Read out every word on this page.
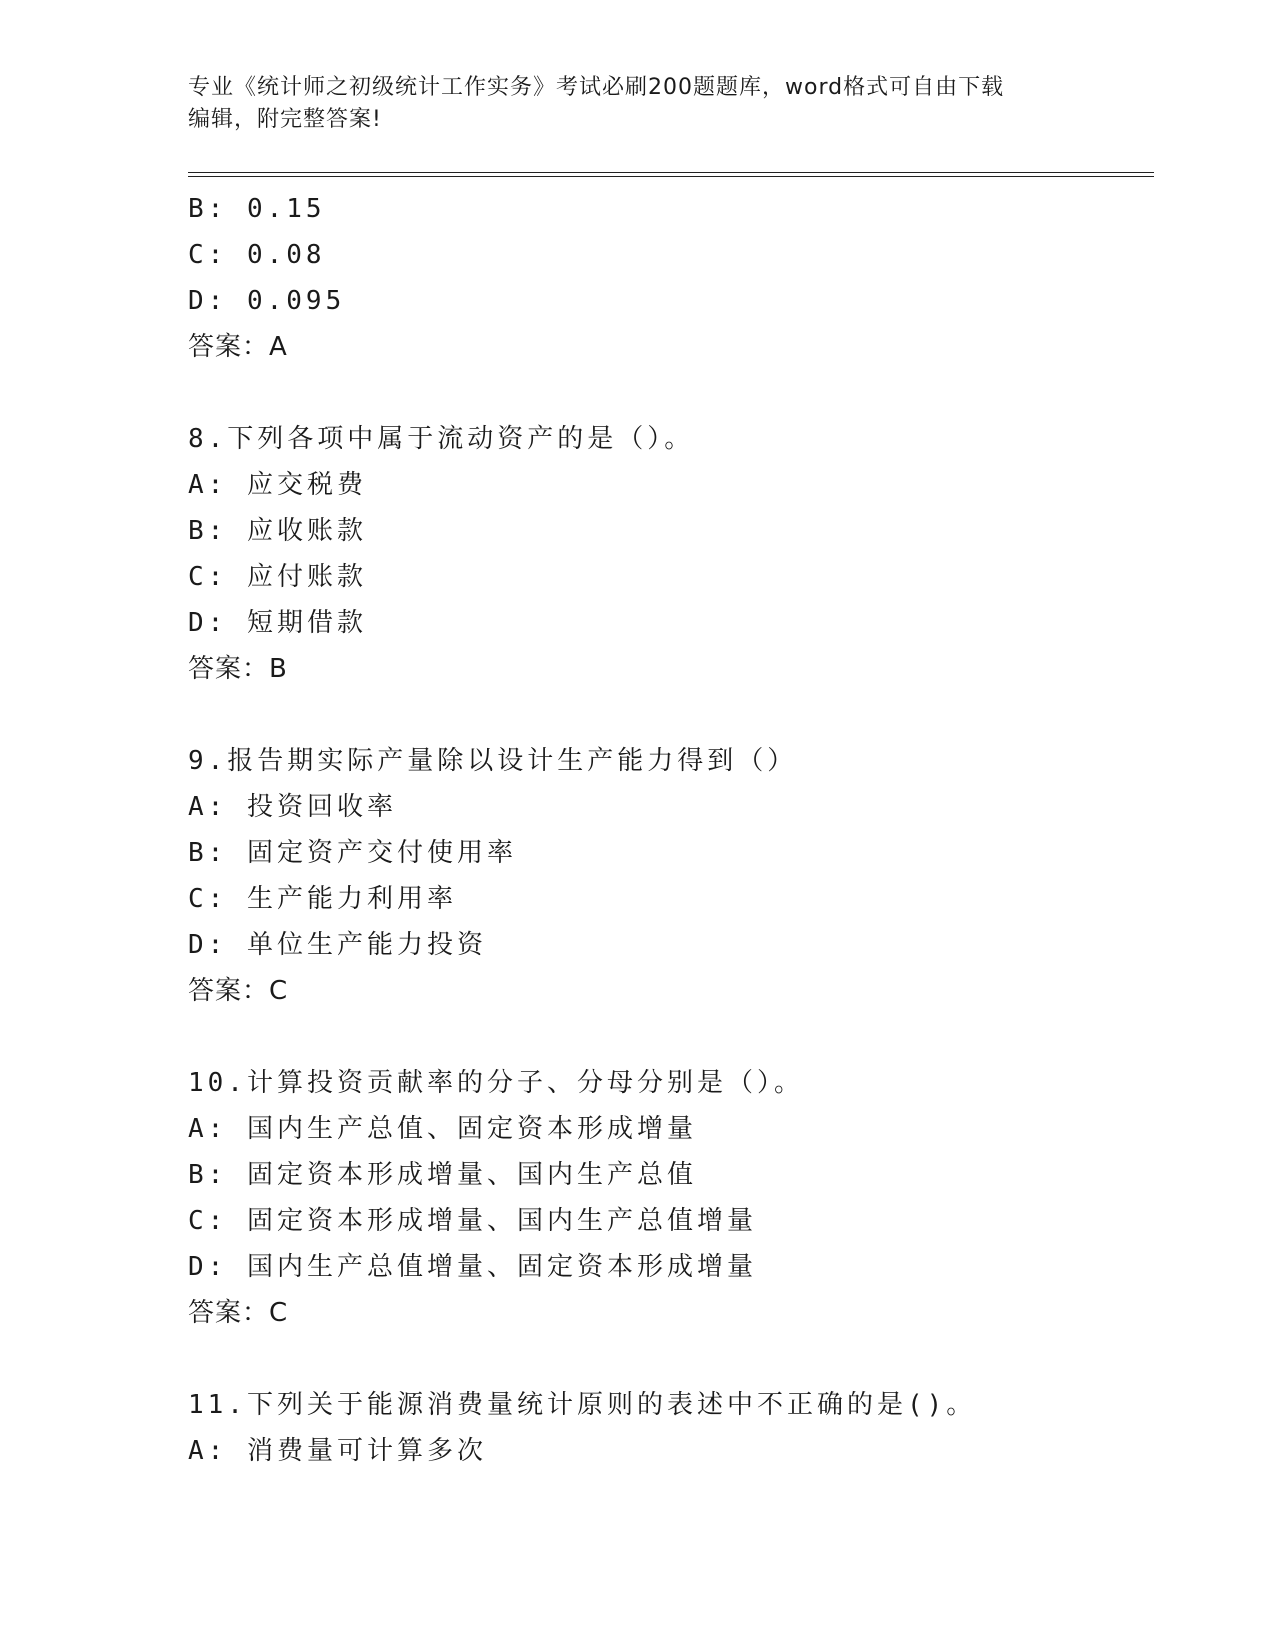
专业《统计师之初级统计工作实务》考试必刷200题题库，word格式可自由下载
编辑，附完整答案!
B: 0.15
C: 0.08
D: 0.095
答案：A
8.下列各项中属于流动资产的是（）。
A: 应交税费
B: 应收账款
C: 应付账款
D: 短期借款
答案：B
9.报告期实际产量除以设计生产能力得到（）
A: 投资回收率
B: 固定资产交付使用率
C: 生产能力利用率
D: 单位生产能力投资
答案：C
10.计算投资贡献率的分子、分母分别是（）。
A: 国内生产总值、固定资本形成增量
B: 固定资本形成增量、国内生产总值
C: 固定资本形成增量、国内生产总值增量
D: 国内生产总值增量、固定资本形成增量
答案：C
11.下列关于能源消费量统计原则的表述中不正确的是()。
A: 消费量可计算多次
